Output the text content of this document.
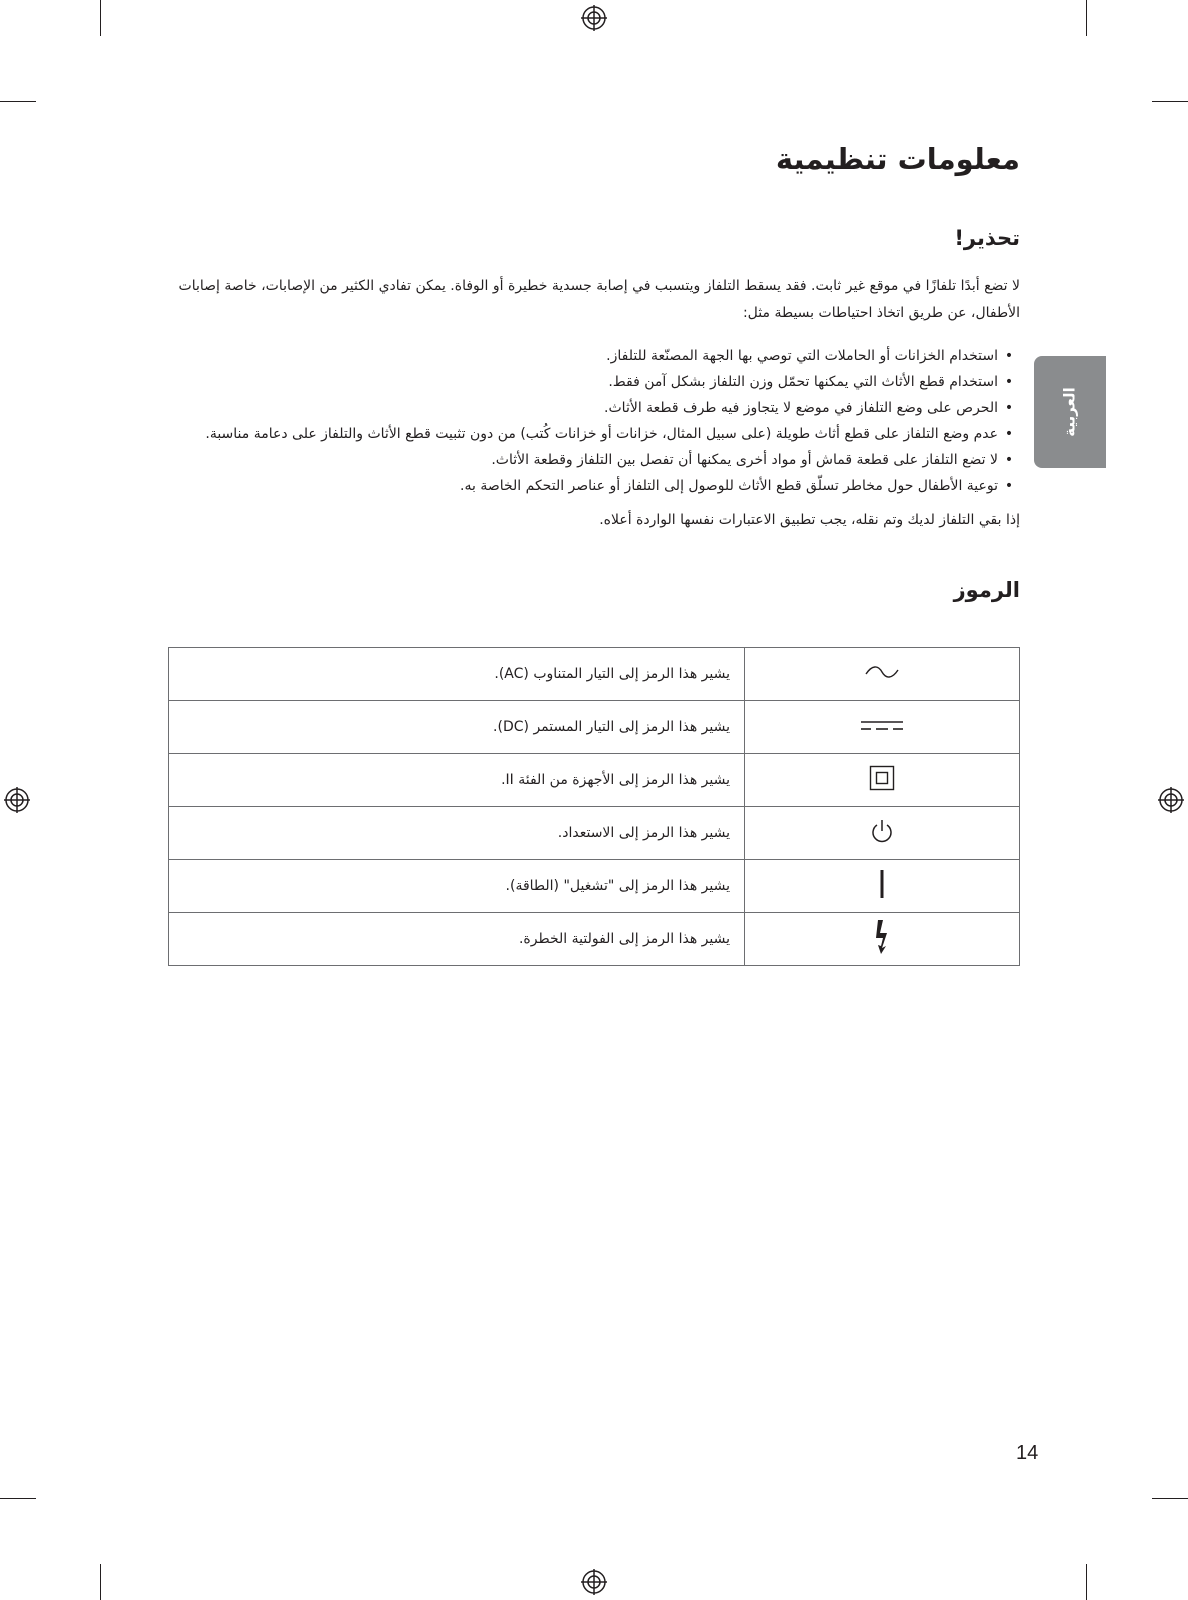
العربية
معلومات تنظيمية
تحذير!

لا تضع أبدًا تلفازًا في موقع غير ثابت. فقد يسقط التلفاز ويتسبب في إصابة جسدية خطيرة أو الوفاة. يمكن تفادي الكثير من الإصابات، خاصة إصابات الأطفال، عن طريق اتخاذ احتياطات بسيطة مثل:

•استخدام الخزانات أو الحاملات التي توصي بها الجهة المصنّعة للتلفاز.
•استخدام قطع الأثاث التي يمكنها تحمّل وزن التلفاز بشكل آمن فقط.
•الحرص على وضع التلفاز في موضع لا يتجاوز فيه طرف قطعة الأثاث.
•عدم وضع التلفاز على قطع أثاث طويلة (على سبيل المثال، خزانات أو خزانات كُتب) من دون تثبيت قطع الأثاث والتلفاز على دعامة مناسبة.
•لا تضع التلفاز على قطعة قماش أو مواد أخرى يمكنها أن تفصل بين التلفاز وقطعة الأثاث.
•توعية الأطفال حول مخاطر تسلّق قطع الأثاث للوصول إلى التلفاز أو عناصر التحكم الخاصة به.

إذا بقي التلفاز لديك وتم نقله، يجب تطبيق الاعتبارات نفسها الواردة أعلاه.

الرموز
	يشير هذا الرمز إلى التيار المتناوب (AC).
	يشير هذا الرمز إلى التيار المستمر (DC).
	يشير هذا الرمز إلى الأجهزة من الفئة II.
	يشير هذا الرمز إلى الاستعداد.
	يشير هذا الرمز إلى "تشغيل" (الطاقة).
	يشير هذا الرمز إلى الفولتية الخطرة.
14
